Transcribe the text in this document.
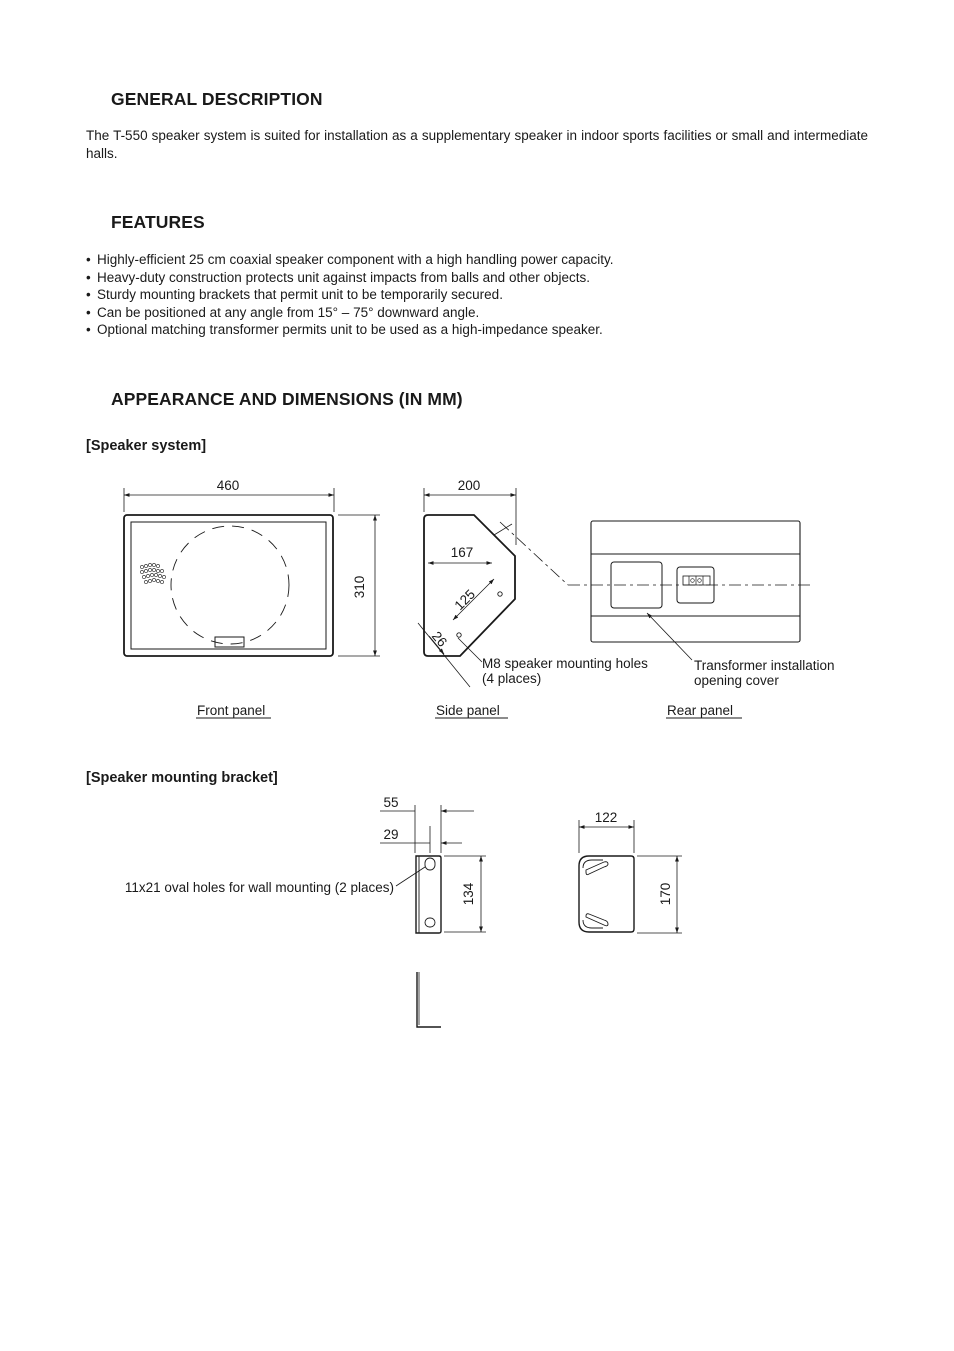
GENERAL DESCRIPTION

The T-550 speaker system is suited for installation as a supplementary speaker in indoor sports facilities or small and intermediate halls.

FEATURES
• Highly-efficient 25 cm coaxial speaker component with a high handling power capacity.
• Heavy-duty construction protects unit against impacts from balls and other objects.
• Sturdy mounting brackets that permit unit to be temporarily secured.
• Can be positioned at any angle from 15° – 75° downward angle.
• Optional matching transformer permits unit to be used as a high-impedance speaker.
APPEARANCE AND DIMENSIONS (IN MM)
[Speaker system]
[Speaker mounting bracket]
460
310
200
167
125
26
M8 speaker mounting holes
(4 places)
Transformer installation
opening cover
Front panel	Side panel	Rear panel
55
29
134
11x21 oval holes for wall mounting (2 places)
122
170
